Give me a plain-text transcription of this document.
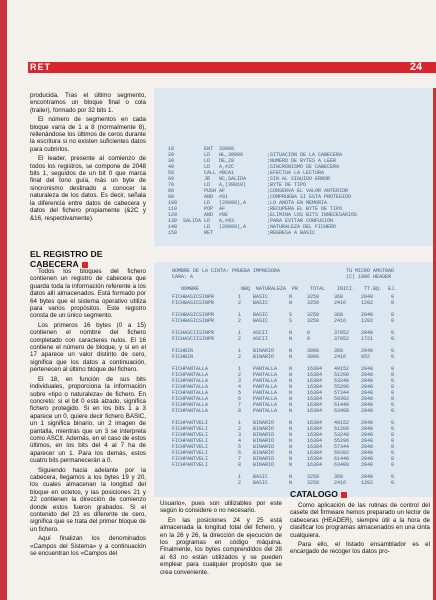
RET	24

producida. Tras el último segmento, encontramos un bloque final o cola (trailer), formado por 32 bits 1.

El número de segmentos en cada bloque varía de 1 a 8 (normalmente 8), rellenándose los últimos de ceros durante la escritura si no existen suficientes datos para cubrirlos.

El leader, presente al comienzo de todos los registros, se compone de 2048 bits 1, seguidos de un bit 0 que marca final del tono guía, más un byte de sincronismo destinado a conocer la naturaleza de los datos. Es decir, señala la diferencia entre datos de cabecera y datos del fichero propiamente (&2C y &16, respectivamente).

EL REGISTRO DE CABECERA

Todos los bloques del fichero contienen un registro de cabecera que guarda toda la información referente a los datos allí almacenados. Está formado por 64 bytes que el sistema operativo utiliza para varios propósitos. Este registro consta de un único segmento.

Los primeros 16 bytes (0 a 15) contienen el nombre del fichero completado con caracteres nulos. El 16 contiene el número de bloque, y si en el 17 aparece un valor distinto de cero, significa que los datos a continuación, pertenecen al último bloque del fichero.

El 18, en función de sus bits individuales, proporciona la información sobre «tipo o naturaleza» de fichero. En concreto: si el bit 0 está alzado, significa fichero protegido. Si en los bits 1 a 3 aparece un 0, quiere decir fichero BASIC, un 1 significa binario, un 2 imagen de pantalla, mientras que un 3 se interpreta como ASCII. Además, en el caso de estos últimos, en los bits del 4 al 7 ha de aparecer un 1. Para los demás, estos cuatro bits permanecerán a 0.

Siguiendo hacia adelante por la cabecera, llegamos a los bytes 19 y 20, los cuales almacenan la longitud del bloque en octetos, y las posiciones 21 y 22 contienen la dirección de comienzo donde estos fueron grabados. Si el contenido del 23 es diferente de cero, significa que se trata del primer bloque de un fichero.

Aquí finalizan los denominados «Campos del Sistema» y a continuación se encuentran los «Campos del

10          ENT  20000
20          LD   HL,30000        ;SITUACION DE LA CABECERA
30          LD   DE,28           ;NUMERO DE BYTES A LEER
40          LD   A,#2C           ;SINCRONISMO DE CABECERA
50          CALL #BCA1           ;EFECTUA LA LECTURA
60          JR   NC,SALIDA       ;SIN AL SIGUIDO ERROR
70          LD   A,(30018)       ;BYTE DE TIPO
80          PUSH AF              ;CONSERVA EL VALOR ANTERIOR
90          AND  #01             ;COMPRUEBA SI ESTA PROTEGIDO
100         LD   (29998),A       ;LO ANOTA EN MEMORIA
110         POP  AF              ;RECUPERA EL BYTE DE TIPO
120         AND  #0E             ;ELIMINA LOS BITS INNECESARIOS
130  SALIDA LD   A,#03           ;PARA EVITAR CONFUSION
140         LD   (29999),A       ;NATURALEZA DEL FICHERO
150         RET                  ;REGRESA A BASIC
NOMBRE DE LA CINTA: PRUEBA IMPRESORA                      TU MICRO AMSTRAD
CARA: A                                                   (C) 1986 HEADER

NOMBRE              NBQ  NATURALEZA  PR    TOTAL    INICI.   TT.BQ.  EJ.
FICHBASICSINPR        1    BASIC       N     3250     368      2048      0
FICHBASICSINPR        2    BASIC       N     3250     2416     1202      0

FICHBASICSINPR        1    BASIC       S     3250     368      2048      0
FICHBASICSINPR        2    BASIC       S     3250     2416     1202      0

FICHASCIISINPR        1    ASCII       N     0        37952    2048      0
FICHASCIISINPR        2    ASCII       N     0        37952    1721      0

FICHBIN               1    BINARIO     N     3000     368      2048      0
FICHBIN               2    BINARIO     N     3000     2416     952       0

FICHPANTALLA          1    PANTALLA    N     16384    49152    2048      0
FICHPANTALLA          2    PANTALLA    N     16384    51200    2048      0
FICHPANTALLA          3    PANTALLA    N     16384    53248    2048      0
FICHPANTALLA          4    PANTALLA    N     16384    55296    2048      0
FICHPANTALLA          5    PANTALLA    N     16384    57344    2048      0
FICHPANTALLA          6    PANTALLA    N     16384    59392    2048      0
FICHPANTALLA          7    PANTALLA    N     16384    61440    2048      0
FICHPANTALLA          8    PANTALLA    N     16384    63488    2048      0

FICHPANTVELI          1    BINARIO     N     16384    49152    2048      0
FICHPANTVELI          2    BINARIO     N     16384    51200    2048      0
FICHPANTVELI          3    BINARIO     N     16384    53248    2048      0
FICHPANTVELI          4    BINARIO     N     16384    55296    2048      0
FICHPANTVELI          5    BINARIO     N     16384    57344    2048      0
FICHPANTVELI          6    BINARIO     N     16384    59392    2048      0
FICHPANTVELI          7    BINARIO     N     16384    61440    2048      0
FICHPANTVELI          8    BINARIO     N     16384    63488    2048      0

1    BASIC       N     3250     368      2048      0
2    BASIC       N     3250     2416     1202      0

Usuario», pues son utilizables por este según lo considere o no necesario.

En las posiciones 24 y 25 está almacenada la longitud total del fichero, y en la 26 y 26, la dirección de ejecución de los programas en código máquina. Finalmente, los bytes comprendidos del 28 al 63 no están utilizados y se pueden emplear para cualquier propósito que se crea conveniente.

CATALOGO

Como aplicación de las rutinas de control del casete del firmware hemos preparado un lector de cabeceras (HEADER), siempre útil a la hora de clasificar los programas almacenados en una cinta cualquiera.

Para ello, el listado ensamblador es el encargado de recoger los datos pro-
